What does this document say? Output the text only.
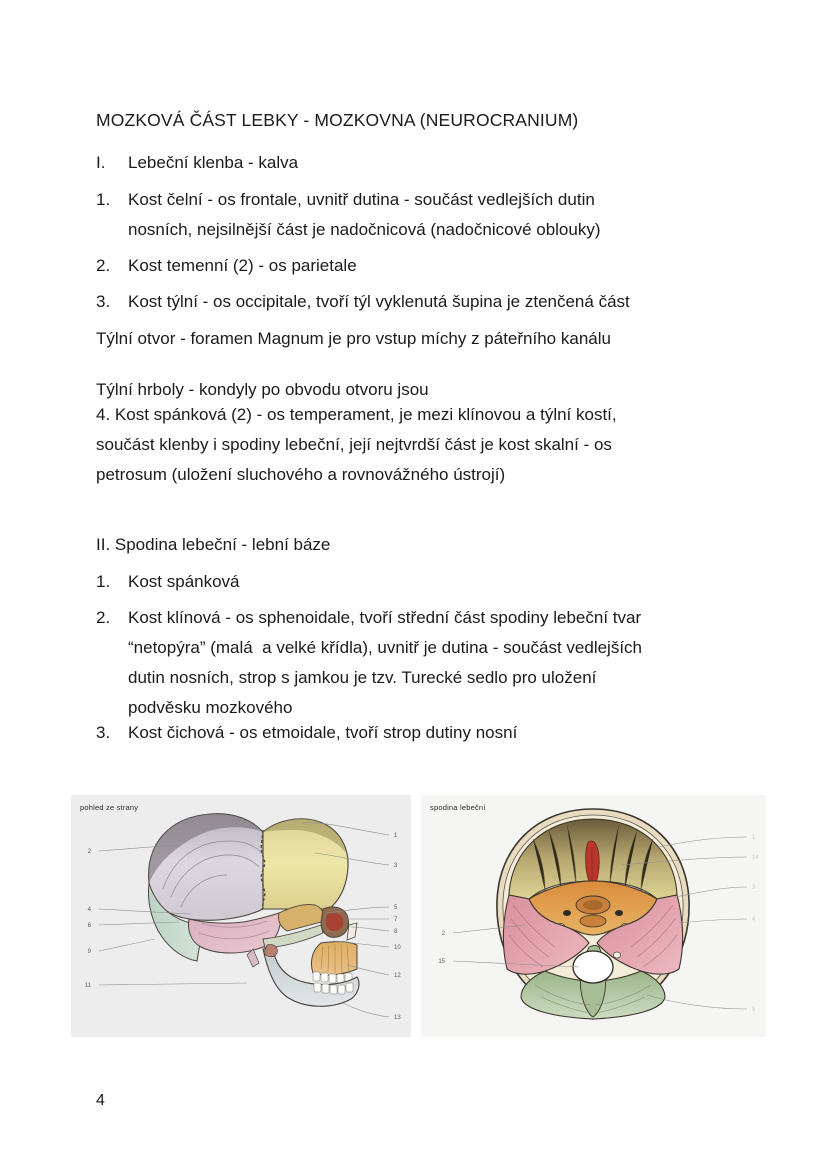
MOZKOVÁ ČÁST LEBKY - MOZKOVNA (NEUROCRANIUM)
I.	Lebeční klenba - kalva
1.	Kost čelní - os frontale, uvnitř dutina - součást vedlejších dutin
nosních, nejsilnější část je nadočnicová (nadočnicové oblouky)
2.	Kost temenní (2) - os parietale
3.	Kost týlní - os occipitale, tvoří týl vyklenutá šupina je ztenčená část
Týlní otvor - foramen Magnum je pro vstup míchy z páteřního kanálu
Týlní hrboly - kondyly po obvodu otvoru jsou
4. Kost spánková (2) - os temperament, je mezi klínovou a týlní kostí,
součást klenby i spodiny lebeční, její nejtvrdší část je kost skalní - os
petrosum (uložení sluchového a rovnovážného ústrojí)
II. Spodina lebeční - lební báze
1.	Kost spánková
2.	Kost klínová - os sphenoidale, tvoří střední část spodiny lebeční tvar
“netopýra” (malá  a velké křídla), uvnitř je dutina - součást vedlejších
dutin nosních, strop s jamkou je tzv. Turecké sedlo pro uložení
podvěsku mozkového
3.	Kost čichová - os etmoidale, tvoří strop dutiny nosní
pohled ze strany
2
4
6
9
11
1
3
5
7
8
10
12
13
spodina lebeční
2
15
1
14
3
4
9
4
